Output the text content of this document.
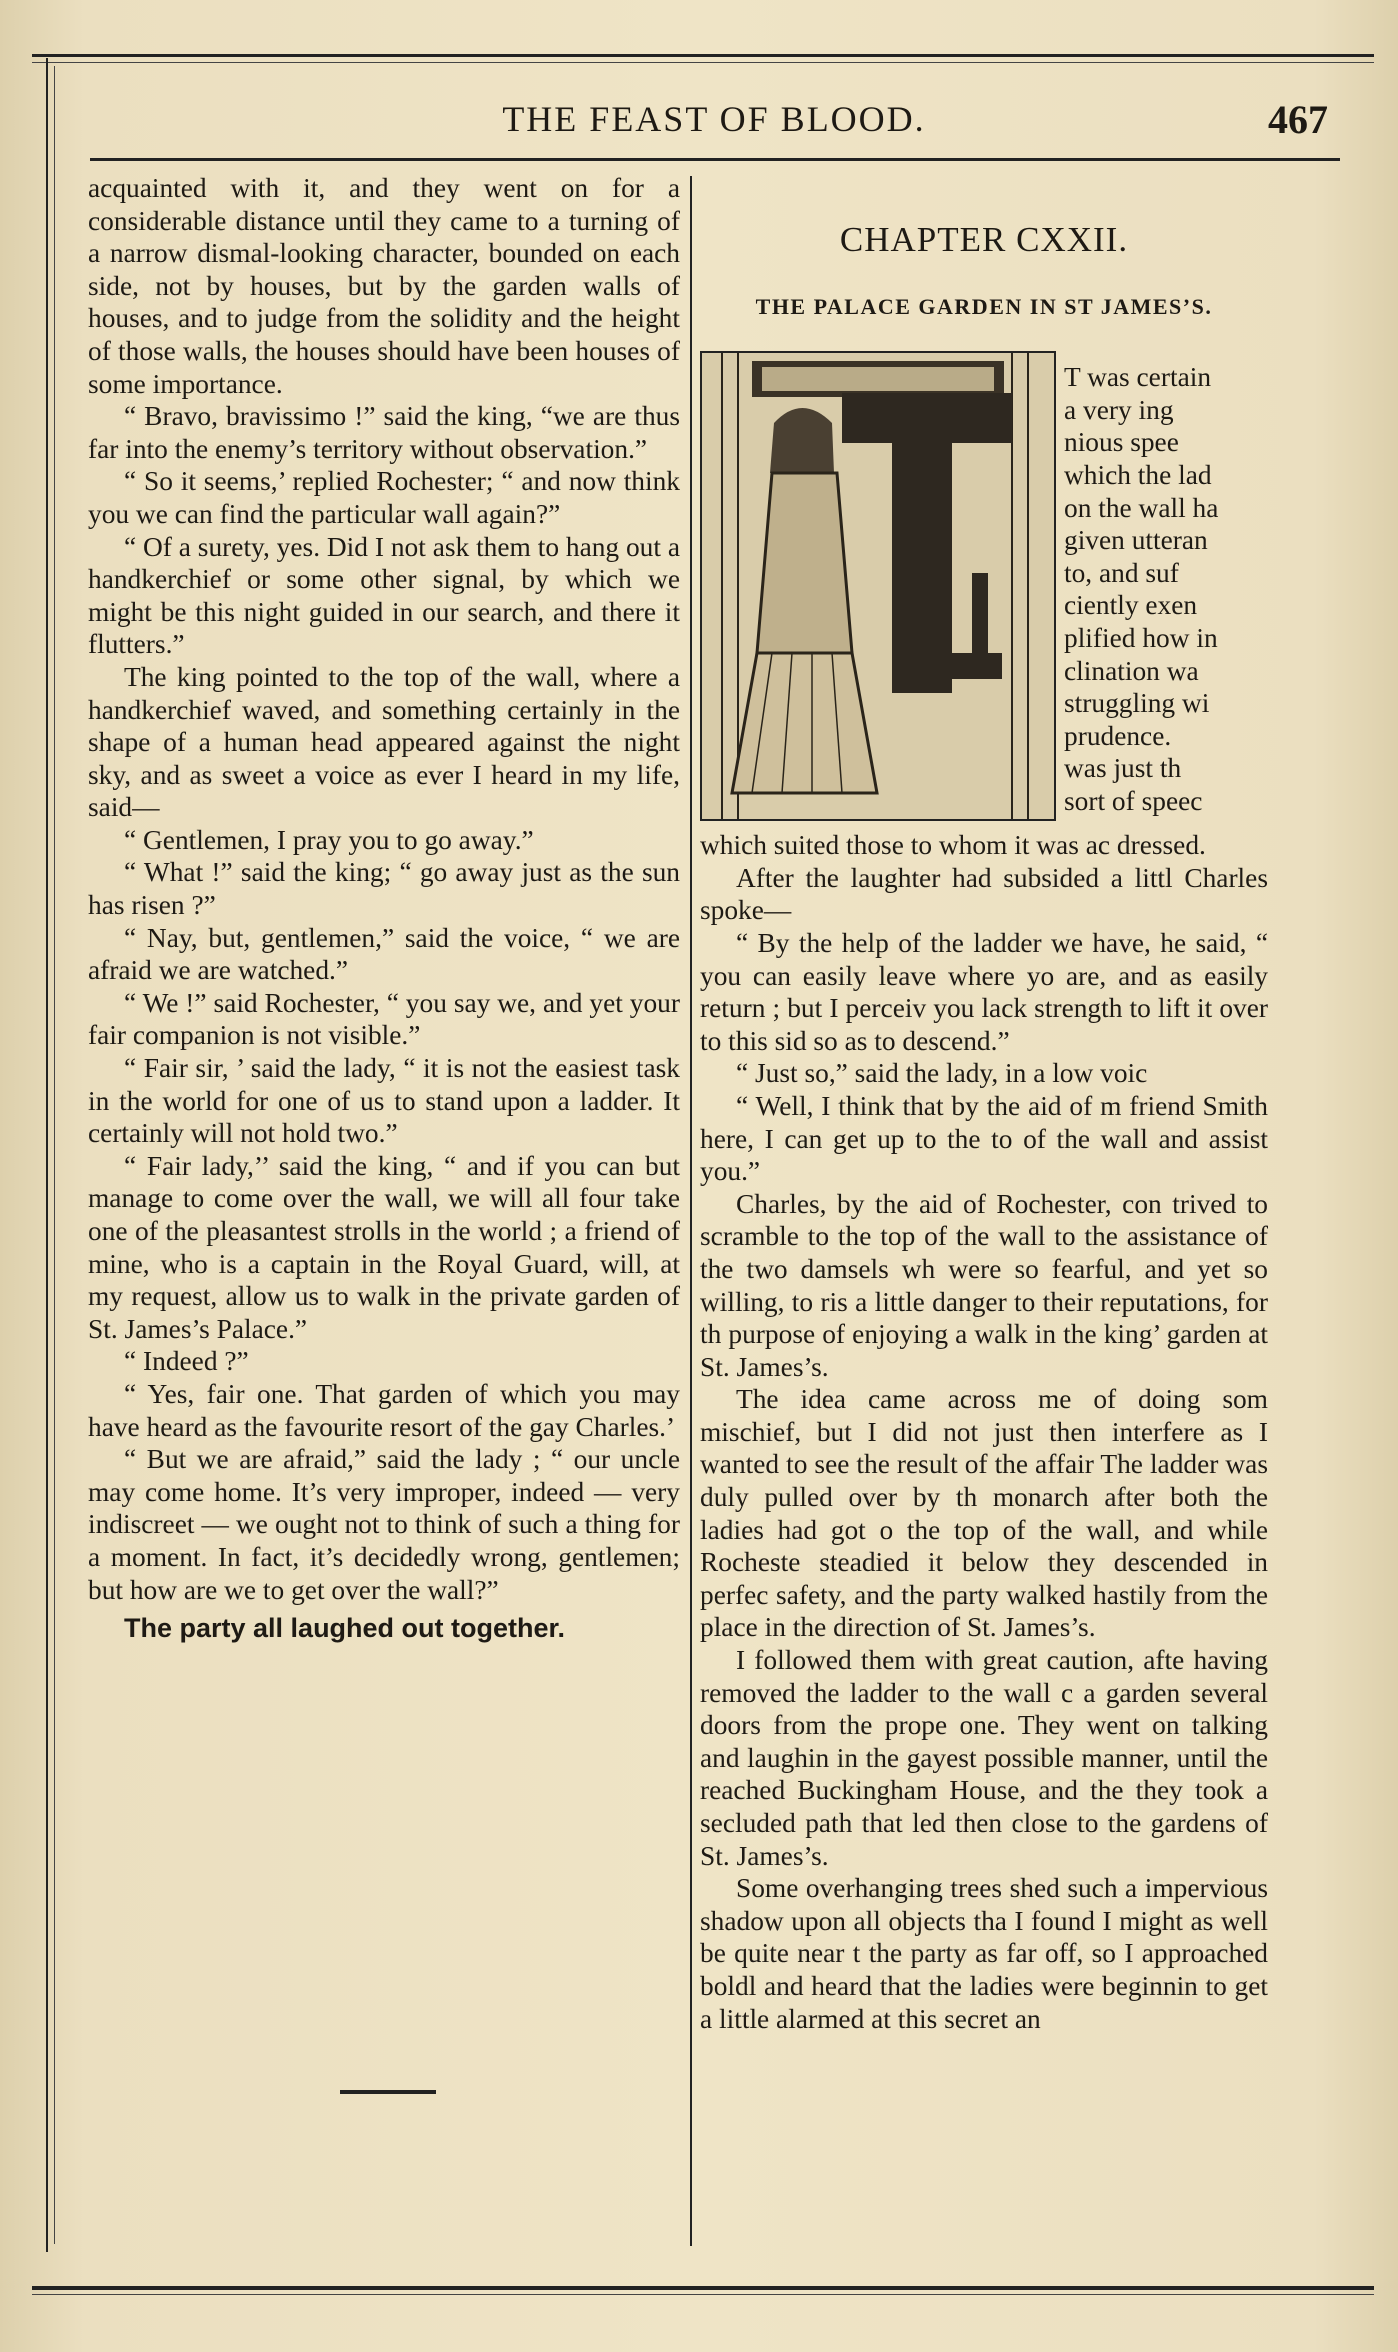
THE FEAST OF BLOOD.	467

acquainted with it, and they went on for a considerable distance until they came to a turning of a narrow dismal-looking character, bounded on each side, not by houses, but by the garden walls of houses, and to judge from the solidity and the height of those walls, the houses should have been houses of some importance.

“ Bravo, bravissimo !” said the king, “we are thus far into the enemy’s territory without observation.”

“ So it seems,’ replied Rochester; “ and now think you we can find the particular wall again?”

“ Of a surety, yes. Did I not ask them to hang out a handkerchief or some other signal, by which we might be this night guided in our search, and there it flutters.”

The king pointed to the top of the wall, where a handkerchief waved, and something certainly in the shape of a human head appeared against the night sky, and as sweet a voice as ever I heard in my life, said—

“ Gentlemen, I pray you to go away.”

“ What !” said the king; “ go away just as the sun has risen ?”

“ Nay, but, gentlemen,” said the voice, “ we are afraid we are watched.”

“ We !” said Rochester, “ you say we, and yet your fair companion is not visible.”

“ Fair sir, ’ said the lady, “ it is not the easiest task in the world for one of us to stand upon a ladder. It certainly will not hold two.”

“ Fair lady,’’ said the king, “ and if you can but manage to come over the wall, we will all four take one of the pleasantest strolls in the world ; a friend of mine, who is a captain in the Royal Guard, will, at my request, allow us to walk in the private garden of St. James’s Palace.”

“ Indeed ?”

“ Yes, fair one. That garden of which you may have heard as the favourite resort of the gay Charles.’

“ But we are afraid,” said the lady ; “ our uncle may come home. It’s very improper, indeed — very indiscreet — we ought not to think of such a thing for a moment. In fact, it’s decidedly wrong, gentlemen; but how are we to get over the wall?”

The party all laughed out together.

CHAPTER CXXII.

THE PALACE GARDEN IN ST JAMES’S.

T was certain
a very ing
nious spee
which the lad
on the wall ha
given utteran
to, and suf
ciently exen
plified how in
clination wa
struggling wi
prudence.
was just th
sort of speec

which suited those to whom it was ac dressed.

After the laughter had subsided a littl Charles spoke—

“ By the help of the ladder we have, he said, “ you can easily leave where yo are, and as easily return ; but I perceiv you lack strength to lift it over to this sid so as to descend.”

“ Just so,” said the lady, in a low voic

“ Well, I think that by the aid of m friend Smith here, I can get up to the to of the wall and assist you.”

Charles, by the aid of Rochester, con trived to scramble to the top of the wall to the assistance of the two damsels wh were so fearful, and yet so willing, to ris a little danger to their reputations, for th purpose of enjoying a walk in the king’ garden at St. James’s.

The idea came across me of doing som mischief, but I did not just then interfere as I wanted to see the result of the affair The ladder was duly pulled over by th monarch after both the ladies had got o the top of the wall, and while Rocheste steadied it below they descended in perfec safety, and the party walked hastily from the place in the direction of St. James’s.

I followed them with great caution, afte having removed the ladder to the wall c a garden several doors from the prope one. They went on talking and laughin in the gayest possible manner, until the reached Buckingham House, and the they took a secluded path that led then close to the gardens of St. James’s.

Some overhanging trees shed such a impervious shadow upon all objects tha I found I might as well be quite near t the party as far off, so I approached boldl and heard that the ladies were beginnin to get a little alarmed at this secret an
